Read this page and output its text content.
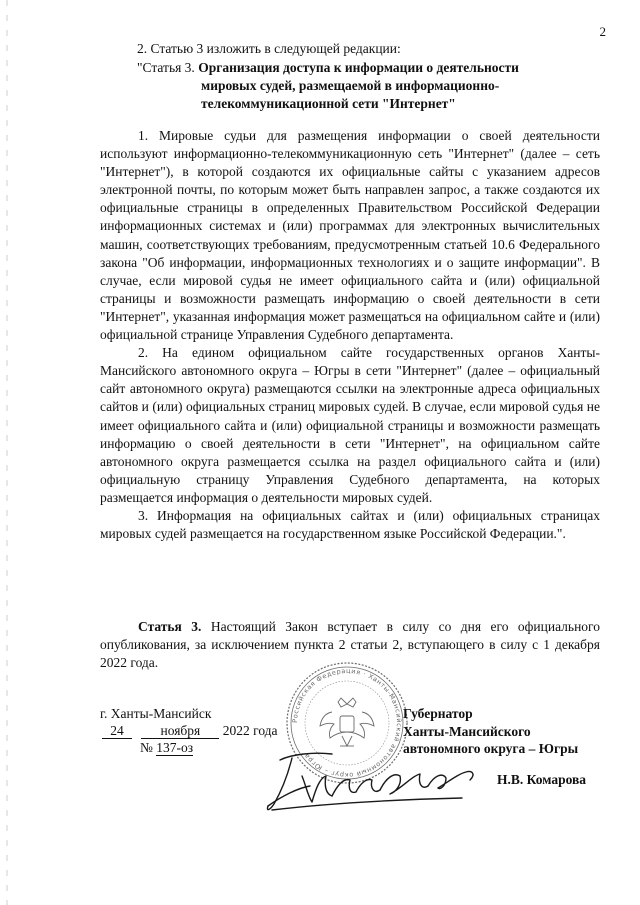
2
2. Статью 3 изложить в следующей редакции:
"Статья 3. Организация доступа к информации о деятельности
мировых судей, размещаемой в информационно-
телекоммуникационной сети "Интернет"

1. Мировые судьи для размещения информации о своей деятельности используют информационно-телекоммуникационную сеть "Интернет" (далее – сеть "Интернет"), в которой создаются их официальные сайты с указанием адресов электронной почты, по которым может быть направлен запрос, а также создаются их официальные страницы в определенных Правительством Российской Федерации информационных системах и (или) программах для электронных вычислительных машин, соответствующих требованиям, предусмотренным статьей 10.6 Федерального закона "Об информации, информационных технологиях и о защите информации". В случае, если мировой судья не имеет официального сайта и (или) официальной страницы и возможности размещать информацию о своей деятельности в сети "Интернет", указанная информация может размещаться на официальном сайте и (или) официальной странице Управления Судебного департамента.

2. На едином официальном сайте государственных органов Ханты-Мансийского автономного округа – Югры в сети "Интернет" (далее – официальный сайт автономного округа) размещаются ссылки на электронные адреса официальных сайтов и (или) официальных страниц мировых судей. В случае, если мировой судья не имеет официального сайта и (или) официальной страницы и возможности размещать информацию о своей деятельности в сети "Интернет", на официальном сайте автономного округа размещается ссылка на раздел официального сайта и (или) официальную страницу Управления Судебного департамента, на которых размещается информация о деятельности мировых судей.

3. Информация на официальных сайтах и (или) официальных страницах мировых судей размещается на государственном языке Российской Федерации.".

Статья 3. Настоящий Закон вступает в силу со дня его официального опубликования, за исключением пункта 2 статьи 2, вступающего в силу с 1 декабря 2022 года.

г. Ханты-Мансийск
24	ноября 2022 года
№ 137-оз
Российская Федерация · Ханты-Мансийский автономный округ – Югра
Губернатор
Ханты-Мансийского
автономного округа – Югры
Н.В. Комарова
